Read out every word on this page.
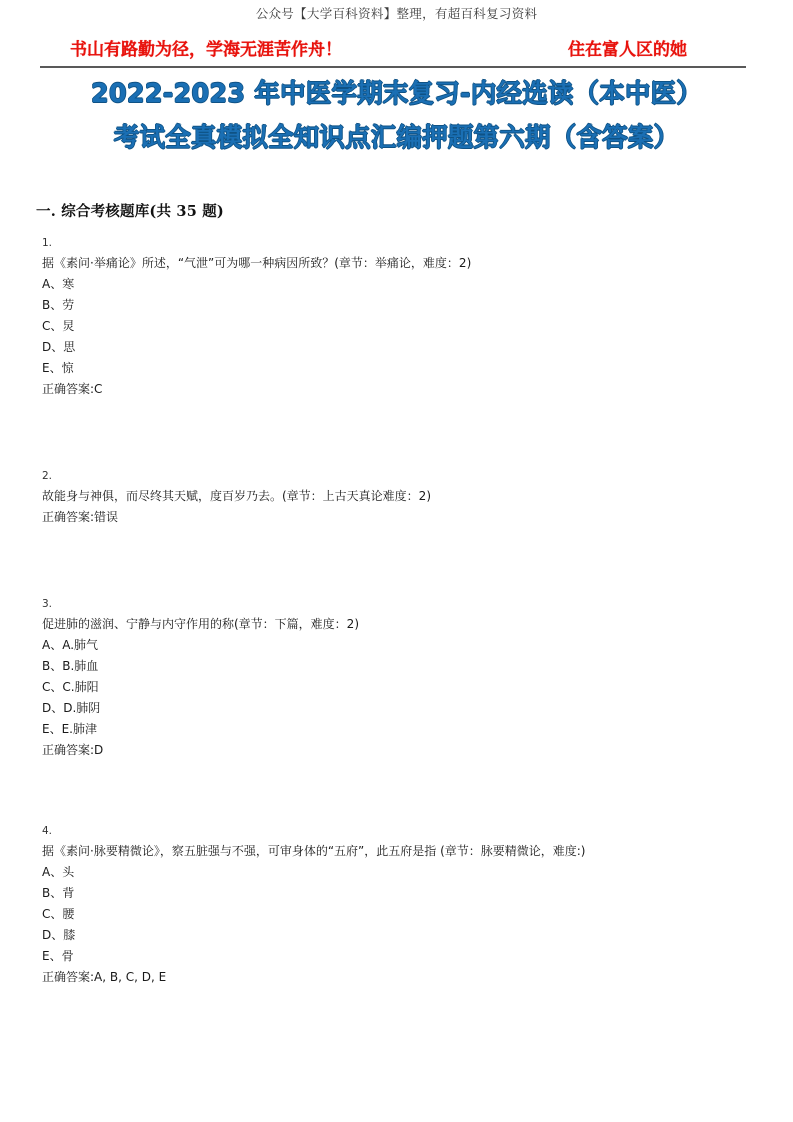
公众号【大学百科资料】整理，有超百科复习资料
书山有路勤为径，学海无涯苦作舟！	住在富人区的她
2022-2023 年中医学期末复习-内经选读（本中医）
考试全真模拟全知识点汇编押题第六期（含答案）
一. 综合考核题库(共 35 题)
1.
据《素问·举痛论》所述，“气泄”可为哪一种病因所致？(章节：举痛论，难度：2)
A、寒
B、劳
C、炅
D、思
E、惊
正确答案:C
2.
故能身与神俱，而尽终其天赋，度百岁乃去。(章节：上古天真论难度：2)
正确答案:错误
3.
促进肺的滋润、宁静与内守作用的称(章节：下篇，难度：2)
A、A.肺气
B、B.肺血
C、C.肺阳
D、D.肺阴
E、E.肺津
正确答案:D
4.
据《素问·脉要精微论》，察五脏强与不强，可审身体的“五府”，此五府是指 (章节：脉要精微论，难度:)
A、头
B、背
C、腰
D、膝
E、骨
正确答案:A, B, C, D, E
